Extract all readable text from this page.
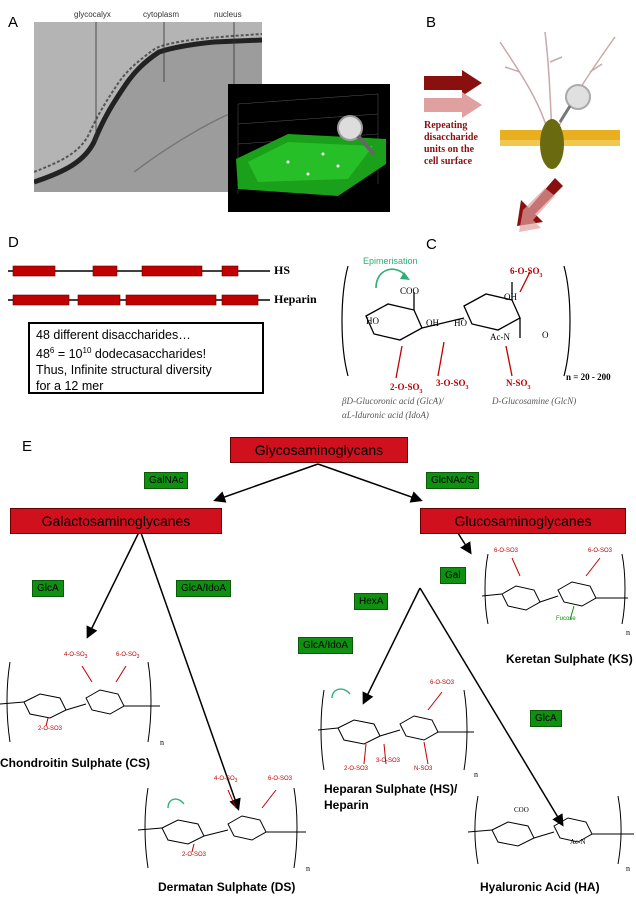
A	glycocalyx	cytoplasm	nucleus	B
Repeating
disaccharide
units on the
cell surface
D
HS
Heparin
48 different disaccharides…
$48^6 = 10^{10}$ dodecasaccharides!
Thus, Infinite structural diversity
for a 12 mer
C
Epimerisation
COO
$6-O-SO_3$
OH
HO	OH HO
O
Ac-N
$2-O-SO_3$
$3-O-SO_3$	$N-SO_3$
n = 20 - 200
βD-Glucoronic acid (GlcA)/
αL-Iduronic acid (IdoA)
D-Glucosamine (GlcN)
E	Glycosaminoglycans
GalNAc	GlcNAc/S
Galactosaminoglycanes	Glucosaminoglycanes
GlcA	GlcA/IdoA
Gal
HexA
GlcA/IdoA
GlcA
6-O-SO3	6-O-SO3
Fucose
n
Keretan Sulphate (KS)
$4-O-SO_3$	$6-O-SO_3$
2-O-SO3
n
Chondroitin Sulphate (CS)
6-O-SO3
2-O-SO3
3-O-SO3
N-SO3
n
Heparan Sulphate (HS)/
Heparin
$4-O-SO_3$	6-O-SO3
2-O-SO3
n
Dermatan Sulphate (DS)
COO
Ac-N
n
Hyaluronic Acid (HA)
